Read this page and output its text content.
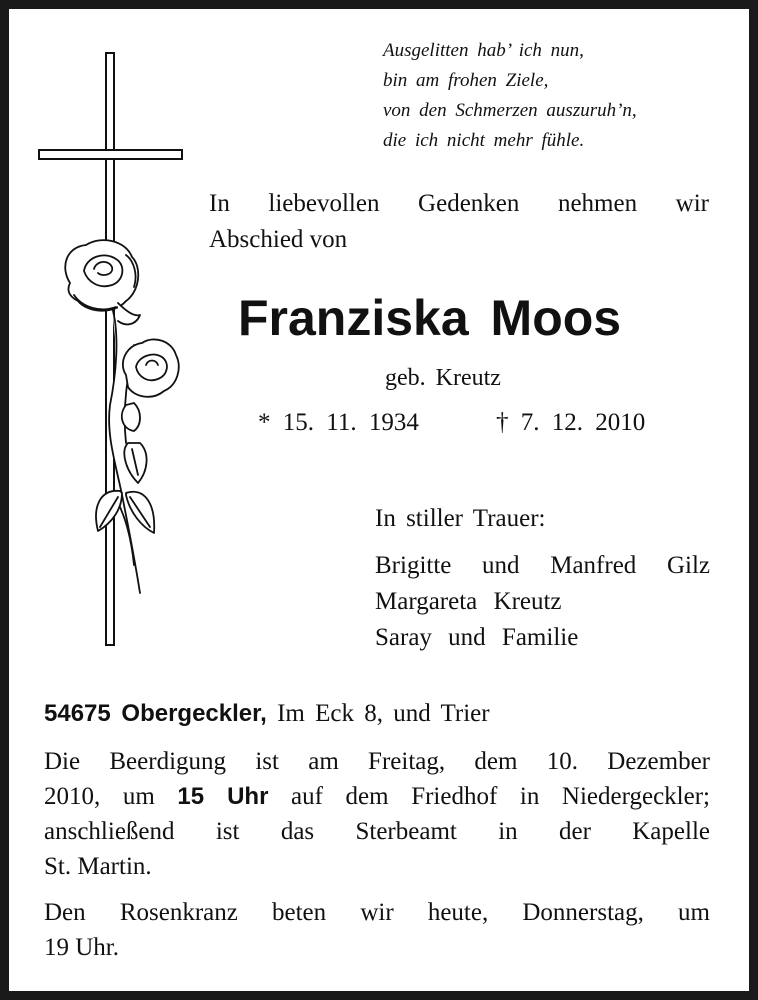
Ausgelitten hab’ ich nun,
bin am frohen Ziele,
von den Schmerzen auszuruh’n,
die ich nicht mehr fühle.
In liebevollen Gedenken nehmen wir
Abschied von
Franziska Moos
geb. Kreutz
* 15. 11. 1934	† 7. 12. 2010
In stiller Trauer:
Brigitte und Manfred Gilz
Margareta Kreutz
Saray und Familie
54675 Obergeckler, Im Eck 8, und Trier
Die Beerdigung ist am Freitag, dem 10. Dezember
2010, um 15 Uhr auf dem Friedhof in Niedergeckler;
anschließend ist das Sterbeamt in der Kapelle
St. Martin.
Den Rosenkranz beten wir heute, Donnerstag, um
19 Uhr.
